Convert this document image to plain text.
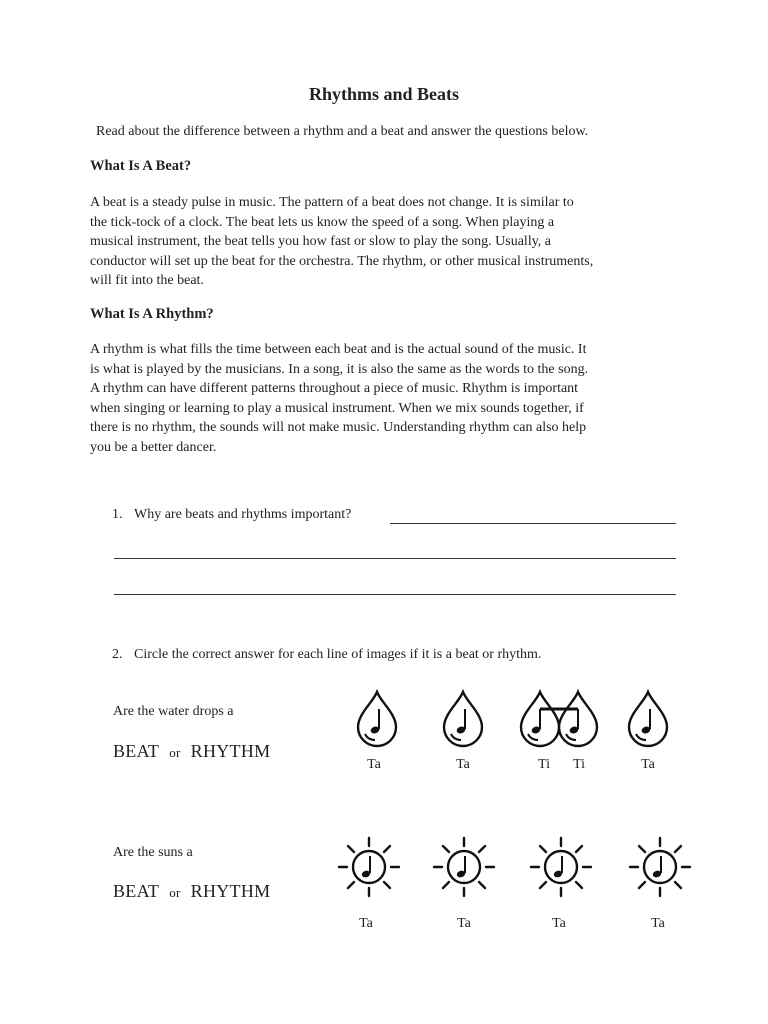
Rhythms and Beats
Read about the difference between a rhythm and a beat and answer the questions below.
What Is A Beat?

A beat is a steady pulse in music. The pattern of a beat does not change. It is similar to

the tick-tock of a clock. The beat lets us know the speed of a song. When playing a

musical instrument, the beat tells you how fast or slow to play the song. Usually, a

conductor will set up the beat for the orchestra. The rhythm, or other musical instruments,

will fit into the beat.

What Is A Rhythm?

A rhythm is what fills the time between each beat and is the actual sound of the music. It

is what is played by the musicians. In a song, it is also the same as the words to the song.

A rhythm can have different patterns throughout a piece of music. Rhythm is important

when singing or learning to play a musical instrument. When we mix sounds together, if

there is no rhythm, the sounds will not make music. Understanding rhythm can also help

you be a better dancer.

1. Why are beats and rhythms important?
2. Circle the correct answer for each line of images if it is a beat or rhythm.
Are the water drops a
BEAT or RHYTHM
Ta	Ta	Ti	Ti	Ta
Are the suns a
BEAT or RHYTHM
Ta	Ta	Ta	Ta
